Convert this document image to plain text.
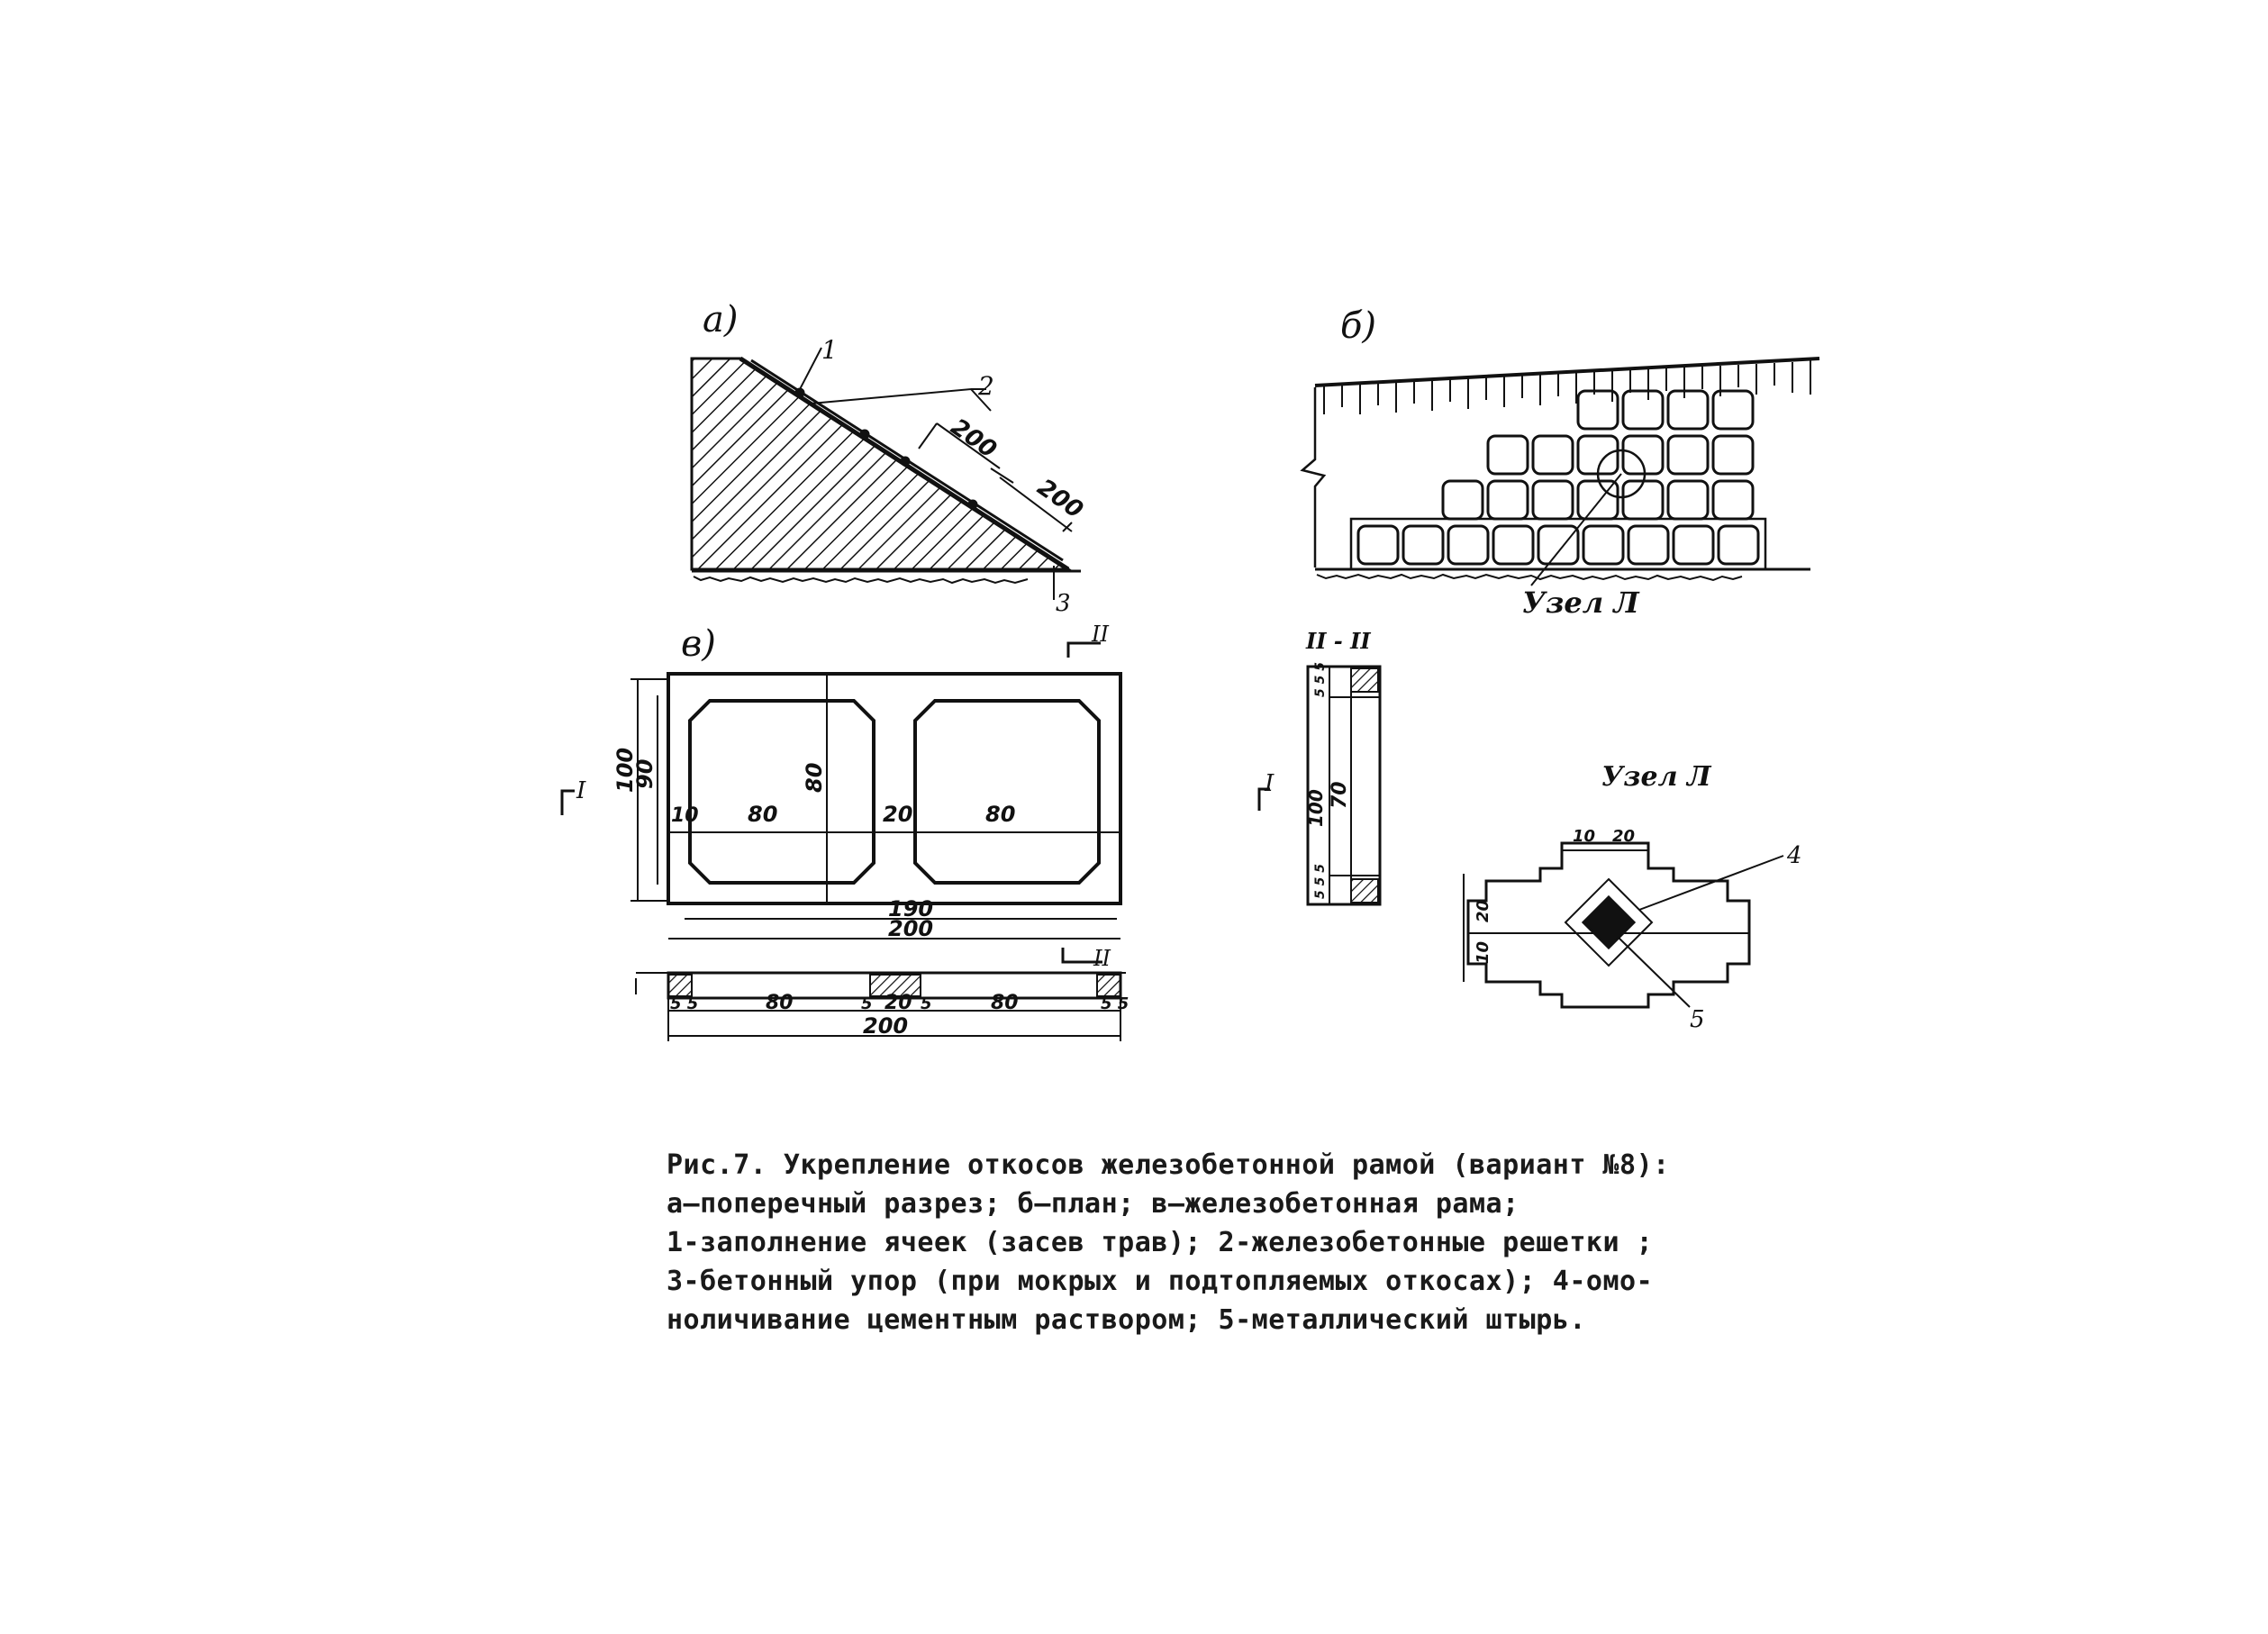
а)
1
2
200
200
3
б)
Узел Л
в)	II
I 100
90
10 80
80
20	80
190
200
II
5 5	80	5 20 5	80	5 5
200
II - II
I
5 5 5
70
100
5 5 5
Узел Л
10 20
20
10
4
5
Рис.7. Укрепление откосов железобетонной рамой (вариант №8):
а–поперечный разрез; б–план; в–железобетонная рама;
1-заполнение ячеек (засев трав); 2-железобетонные решетки ;
3-бетонный упор (при мокрых и подтопляемых откосах); 4-омо-
ноличивание цементным раствором; 5-металлический штырь.
